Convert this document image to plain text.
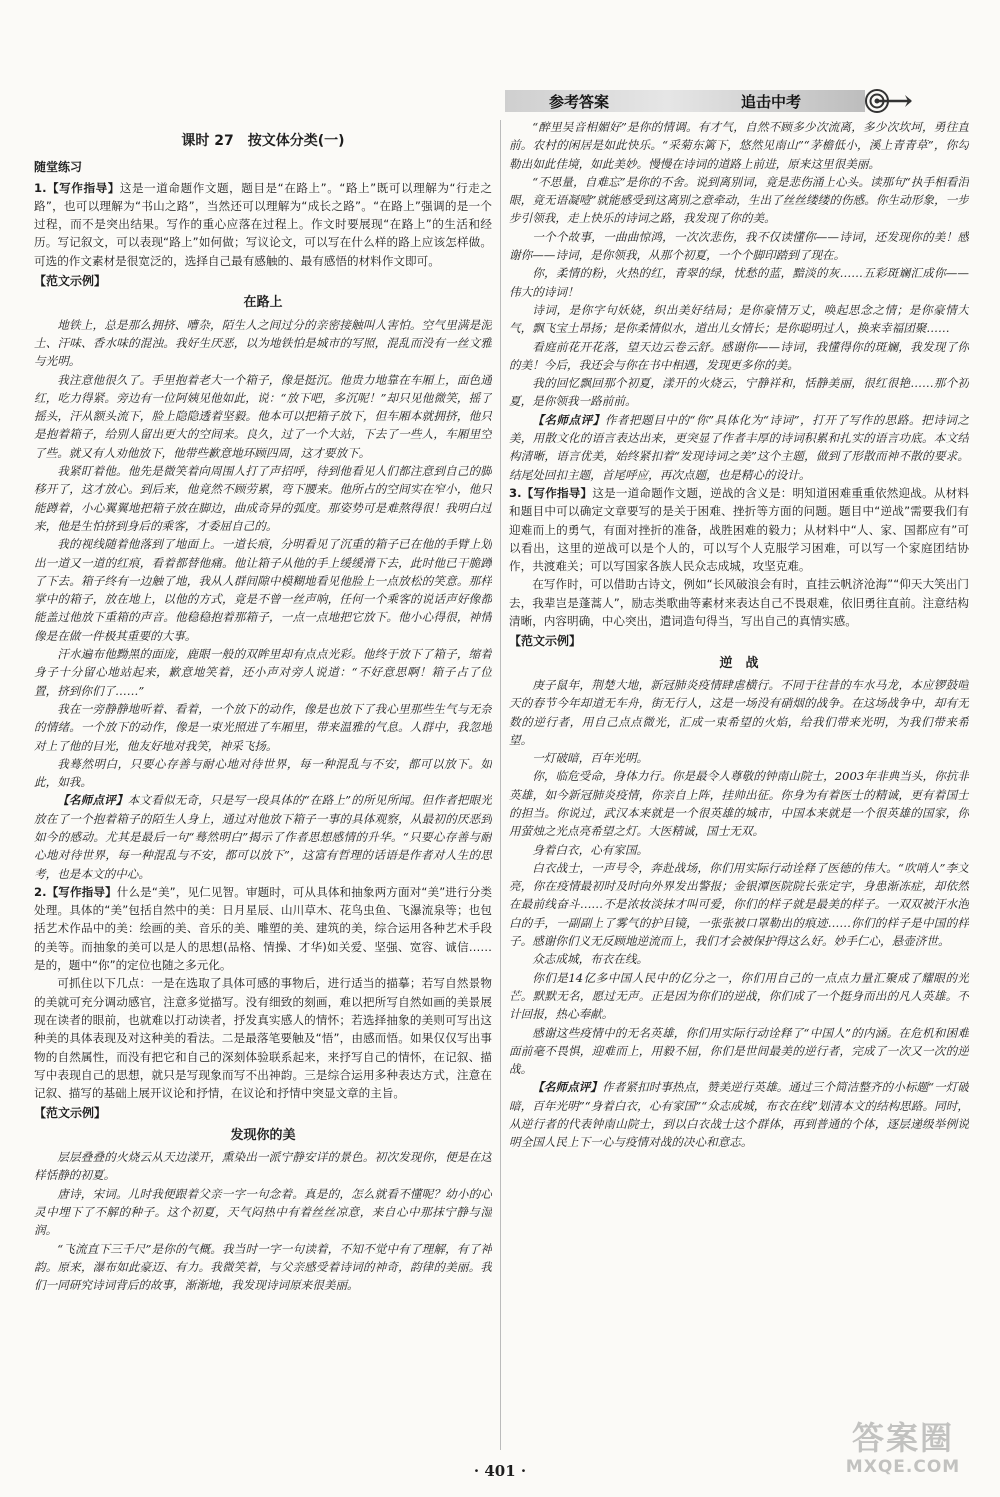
参考答案	追击中考
课时 27　按文体分类(一)
随堂练习

1.【写作指导】这是一道命题作文题，题目是“在路上”。“路上”既可以理解为“行走之路”，也可以理解为“书山之路”，当然还可以理解为“成长之路”。“在路上”强调的是一个过程，而不是突出结果。写作的重心应落在过程上。作文时要展现“在路上”的生活和经历。写记叙文，可以表现“路上”如何做；写议论文，可以写在什么样的路上应该怎样做。可选的作文素材是很宽泛的，选择自己最有感触的、最有感悟的材料作文即可。

【范文示例】
在路上

地铁上，总是那么拥挤、嘈杂，陌生人之间过分的亲密接触叫人害怕。空气里满是泥土、汗味、香水味的混浊。我好生厌恶，以为地铁怕是城市的写照，混乱而没有一丝文雅与光明。

我注意他很久了。手里抱着老大一个箱子，像是挺沉。他贵力地靠在车厢上，面色通红，吃力得紧。旁边有一位阿姨见他如此，说：“放下吧，多沉呢！”却只见他微笑，摇了摇头，汗从额头流下，脸上隐隐透着坚毅。他本可以把箱子放下，但车厢本就拥挤，他只是抱着箱子，给别人留出更大的空间来。良久，过了一个大站，下去了一些人，车厢里空了些。就又有人劝他放下，他带些歉意地环顾四周，这才要放下。

我紧盯着他。他先是微笑着向周围人打了声招呼，待到他看见人们都注意到自己的脚移开了，这才放心。到后来，他竟然不顾劳累，弯下腰来。他所占的空间实在窄小，他只能蹲着，小心翼翼地把箱子放在脚边，曲成奇异的弧度。那姿势可是难熬得很！我明白过来，他是生怕挤到身后的乘客，才委屈自己的。

我的视线随着他落到了地面上。一道长痕，分明看见了沉重的箱子已在他的手臂上划出一道又一道的红痕，看着都替他痛。他让箱子从他的手上缓缓滑下去，此时他已干脆蹲了下去。箱子终有一边触了地，我从人群间隙中模糊地看见他脸上一点放松的笑意。那样掌中的箱子，放在地上，以他的方式，竟是不曾一丝声响，任何一个乘客的说话声好像都能盖过他放下重箱的声音。他稳稳抱着那箱子，一点一点地把它放下。他小心得很，神情像是在做一件极其重要的大事。

汗水遍布他黝黑的面庞，鹿眼一般的双眸里却有点点光彩。他终于放下了箱子，缩着身子十分留心地站起来，歉意地笑着，还小声对旁人说道：“不好意思啊！箱子占了位置，挤到你们了……”

我在一旁静静地听着、看着，一个放下的动作，像是也放下了我心里那些生气与无奈的情绪。一个放下的动作，像是一束光照进了车厢里，带来温雅的气息。人群中，我忽地对上了他的目光，他友好地对我笑，神采飞扬。

我蓦然明白，只要心存善与耐心地对待世界，每一种混乱与不安，都可以放下。如此，如我。

【名师点评】本文看似无奇，只是写一段具体的“在路上”的所见所闻。但作者把眼光放在了一个抱着箱子的陌生人身上，通过对他放下箱子一事的具体观察，从最初的厌恶到如今的感动。尤其是最后一句“蓦然明白”揭示了作者思想感情的升华。“只要心存善与耐心地对待世界，每一种混乱与不安，都可以放下”，这富有哲理的话语是作者对人生的思考，也是本文的中心。

2.【写作指导】什么是“美”，见仁见智。审题时，可从具体和抽象两方面对“美”进行分类处理。具体的“美”包括自然中的美：日月星辰、山川草木、花鸟虫鱼、飞瀑流泉等；也包括艺术作品中的美：绘画的美、音乐的美、雕塑的美、建筑的美，综合运用各种艺术手段的美等。而抽象的美可以是人的思想(品格、情操、才华)如关爱、坚强、宽容、诚信……是的，题中“你”的定位也随之多元化。

可抓住以下几点：一是在选取了具体可感的事物后，进行适当的描摹；若写自然景物的美就可充分调动感官，注意多觉描写。没有细致的刻画，难以把所写自然如画的美景展现在读者的眼前，也就难以打动读者，抒发真实感人的情怀；若选择抽象的美则可写出这种美的具体表现及对这种美的看法。二是最落笔要触及“悟”，由感而悟。如果仅仅写出事物的自然属性，而没有把它和自己的深刻体验联系起来，来抒写自己的情怀，在记叙、描写中表现自己的思想，就只是写现象而写不出神韵。三是综合运用多种表达方式，注意在记叙、描写的基础上展开议论和抒情，在议论和抒情中突显文章的主旨。

【范文示例】
发现你的美

层层叠叠的火烧云从天边漾开，熏染出一派宁静安详的景色。初次发现你，便是在这样恬静的初夏。

唐诗，宋词。儿时我便跟着父亲一字一句念着。真是的，怎么就看不懂呢？幼小的心灵中埋下了不解的种子。这个初夏，天气闷热中有着丝丝凉意，来自心中那抹宁静与湿润。

“飞流直下三千尺”是你的气概。我当时一字一句读着，不知不觉中有了理解，有了神韵。原来，瀑布如此豪迈、有力。我微笑着，与父亲感受着诗词的神奇，韵律的美丽。我们一同研究诗词背后的故事，渐渐地，我发现诗词原来很美丽。

“醉里吴音相媚好”是你的情调。有才气，自然不顾多少次流离，多少次坎坷，勇往直前。农村的闲居是如此快乐。“采菊东篱下，悠然见南山”“茅檐低小，溪上青青草”，你勾勒出如此佳境，如此美妙。慢慢在诗词的道路上前进，原来这里很美丽。

“不思量，自难忘”是你的不舍。说到离别词，竟是悲伤涌上心头。读那句“执手相看泪眼，竟无语凝噎”就能感受到这离别之意牵动，生出了丝丝缕缕的伤感。你生动形象，一步步引领我，走上快乐的诗词之路，我发现了你的美。

一个个故事，一曲曲惊鸿，一次次悲伤，我不仅读懂你——诗词，还发现你的美！感谢你——诗词，是你领我，从那个初夏，一个个脚印踏到了现在。

你，柔情的粉，火热的红，青翠的绿，忧愁的蓝，黯淡的灰……五彩斑斓汇成你——伟大的诗词！

诗词，是你字句妖娆，织出美好结局；是你豪情万丈，唤起思念之情；是你豪情大气，飘飞宝土昂扬；是你柔情似水，道出儿女情长；是你聪明过人，换来幸福团聚……

看庭前花开花落，望天边云卷云舒。感谢你——诗词，我懂得你的斑斓，我发现了你的美！今后，我还会与你在书中相遇，发现更多你的美。

我的回忆飘回那个初夏，漾开的火烧云，宁静祥和，恬静美丽，很红很艳……那个初夏，是你领我一路前前。

【名师点评】作者把题目中的“你”具体化为“诗词”，打开了写作的思路。把诗词之美，用散文化的语言表达出来，更突显了作者丰厚的诗词积累和扎实的语言功底。本文结构清晰，语言优美，始终紧扣着“发现诗词之美”这个主题，做到了形散而神不散的要求。结尾处回扣主题，首尾呼应，再次点题，也是精心的设计。

3.【写作指导】这是一道命题作文题，逆战的含义是：明知道困难重重依然迎战。从材料和题目中可以确定文章要写的是关于困难、挫折等方面的问题。题目中“逆战”需要我们有迎难而上的勇气，有面对挫折的准备，战胜困难的毅力；从材料中“人、家、国都应有”可以看出，这里的逆战可以是个人的，可以写个人克服学习困难，可以写一个家庭团结协作，共渡难关；可以写国家各族人民众志成城，攻坚克难。

在写作时，可以借助古诗文，例如“长风破浪会有时，直挂云帆济沧海”“仰天大笑出门去，我辈岂是蓬蒿人”，励志类歌曲等素材来表达自己不畏艰难，依旧勇往直前。注意结构清晰，内容明确，中心突出，遣词造句得当，写出自己的真情实感。

【范文示例】
逆　战

庚子鼠年，荆楚大地，新冠肺炎疫情肆虐横行。不同于往昔的车水马龙，本应锣鼓喧天的春节今年却道无车舟，街无行人，这是一场没有硝烟的战争。在这场战争中，却有无数的逆行者，用自己点点微光，汇成一束希望的火焰，给我们带来光明，为我们带来希望。

一灯破暗，百年光明。

你，临危受命，身体力行。你是最令人尊敬的钟南山院士，2003年非典当头，你抗非英雄，如今新冠肺炎疫情，你亲自上阵，挂帅出征。你身为有着医士的精诚，更有着国士的担当。你说过，武汉本来就是一个很英雄的城市，中国本来就是一个很英雄的国家，你用萤烛之光点亮希望之灯。大医精诚，国士无双。

身着白衣，心有家国。

白衣战士，一声号令，奔赴战场，你们用实际行动诠释了医德的伟大。“吹哨人”李文亮，你在疫情最初时及时向外界发出警报；金银潭医院院长张定宇，身患渐冻症，却依然在最前线奋斗……不是浓妆淡抹才叫可爱，你们的样子就是最美的样子。一双双被汗水泡白的手，一副副上了雾气的护目镜，一张张被口罩勒出的痕迹……你们的样子是中国的样子。感谢你们义无反顾地逆流而上，我们才会被保护得这么好。妙手仁心，悬壶济世。

众志成城，布衣在线。

你们是14亿多中国人民中的亿分之一，你们用自己的一点点力量汇聚成了耀眼的光芒。默默无名，愿过无声。正是因为你们的逆战，你们成了一个挺身而出的凡人英雄。不计回报，热心奉献。

感谢这些疫情中的无名英雄，你们用实际行动诠释了“中国人”的内涵。在危机和困难面前毫不畏惧，迎难而上，用毅不屈，你们是世间最美的逆行者，完成了一次又一次的逆战。

【名师点评】作者紧扣时事热点，赞美逆行英雄。通过三个简洁整齐的小标题“一灯破暗，百年光明”“身着白衣，心有家国”“众志成城，布衣在线”划清本文的结构思路。同时，从逆行者的代表钟南山院士，到以白衣战士这个群体，再到普通的个体，逐层递级举例说明全国人民上下一心与疫情对战的决心和意志。

· 401 ·
答案圈
MXQE.COM
